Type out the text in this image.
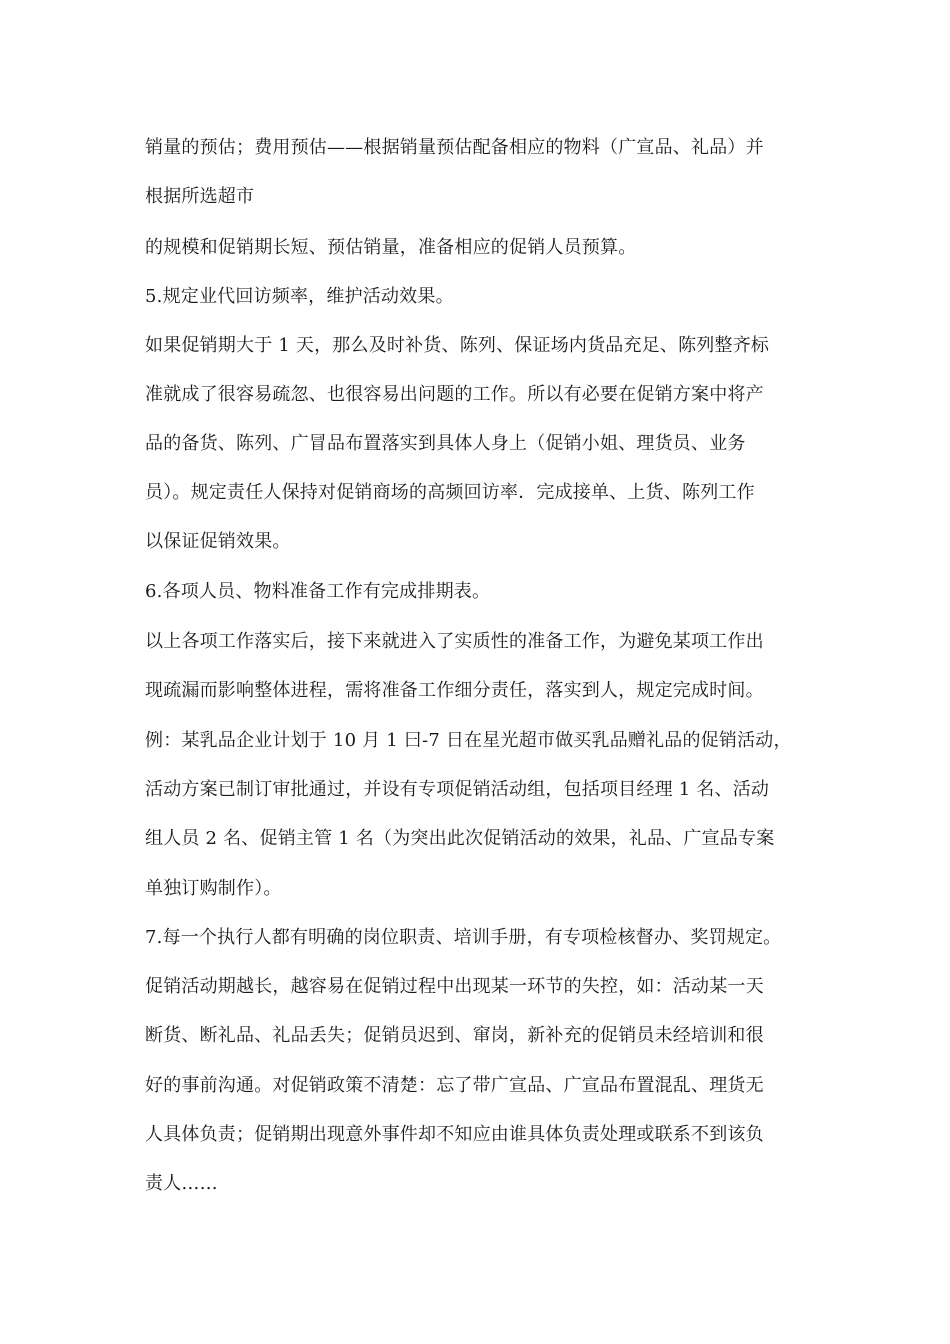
销量的预估；费用预估——根据销量预估配备相应的物料（广宣品、礼品）并
根据所选超市
的规模和促销期长短、预估销量，准备相应的促销人员预算。
5.规定业代回访频率，维护活动效果。
如果促销期大于 1 天，那么及时补货、陈列、保证场内货品充足、陈列整齐标
准就成了很容易疏忽、也很容易出问题的工作。所以有必要在促销方案中将产
品的备货、陈列、广冒品布置落实到具体人身上（促销小姐、理货员、业务
员）。规定责任人保持对促销商场的高频回访率．完成接单、上货、陈列工作
以保证促销效果。
6.各项人员、物料准备工作有完成排期表。
以上各项工作落实后，接下来就进入了实质性的准备工作，为避免某项工作出
现疏漏而影响整体进程，需将准备工作细分责任，落实到人，规定完成时间。
例：某乳品企业计划于 10 月 1 曰-7 日在星光超市做买乳品赠礼品的促销活动，
活动方案已制订审批通过，并设有专项促销活动组，包括项目经理 1 名、活动
组人员 2 名、促销主管 1 名（为突出此次促销活动的效果，礼品、广宣品专案
单独订购制作）。
7.每一个执行人都有明确的岗位职责、培训手册，有专项检核督办、奖罚规定。
促销活动期越长，越容易在促销过程中出现某一环节的失控，如：活动某一天
断货、断礼品、礼品丢失；促销员迟到、窜岗，新补充的促销员未经培训和很
好的事前沟通。对促销政策不清楚：忘了带广宣品、广宣品布置混乱、理货无
人具体负责；促销期出现意外事件却不知应由谁具体负责处理或联系不到该负
责人……
